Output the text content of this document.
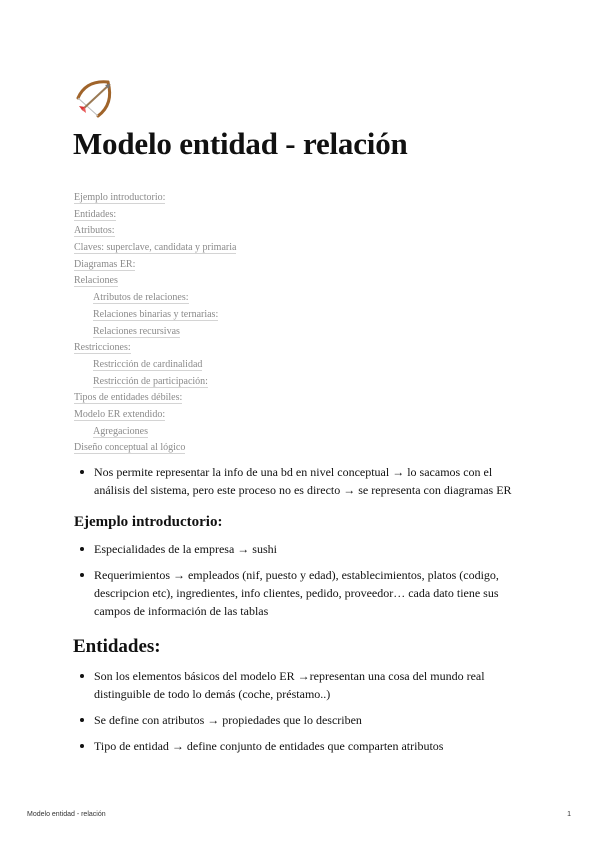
Modelo entidad - relación
Ejemplo introductorio:
Entidades:
Atributos:
Claves: superclave, candidata y primaria
Diagramas ER:
Relaciones
Atributos de relaciones:
Relaciones binarias y ternarias:
Relaciones recursivas
Restricciones:
Restricción de cardinalidad
Restricción de participación:
Tipos de entidades débiles:
Modelo ER extendido:
Agregaciones
Diseño conceptual al lógico
Nos permite representar la info de una bd en nivel conceptual → lo sacamos con el análisis del sistema, pero este proceso no es directo → se representa con diagramas ER
Ejemplo introductorio:
Especialidades de la empresa → sushi
Requerimientos → empleados (nif, puesto y edad), establecimientos, platos (codigo, descripcion etc), ingredientes, info clientes, pedido, proveedor… cada dato tiene sus campos de información de las tablas
Entidades:
Son los elementos básicos del modelo ER →representan una cosa del mundo real distinguible de todo lo demás (coche, préstamo..)
Se define con atributos → propiedades que lo describen
Tipo de entidad → define conjunto de entidades que comparten atributos
Modelo entidad - relación	1
